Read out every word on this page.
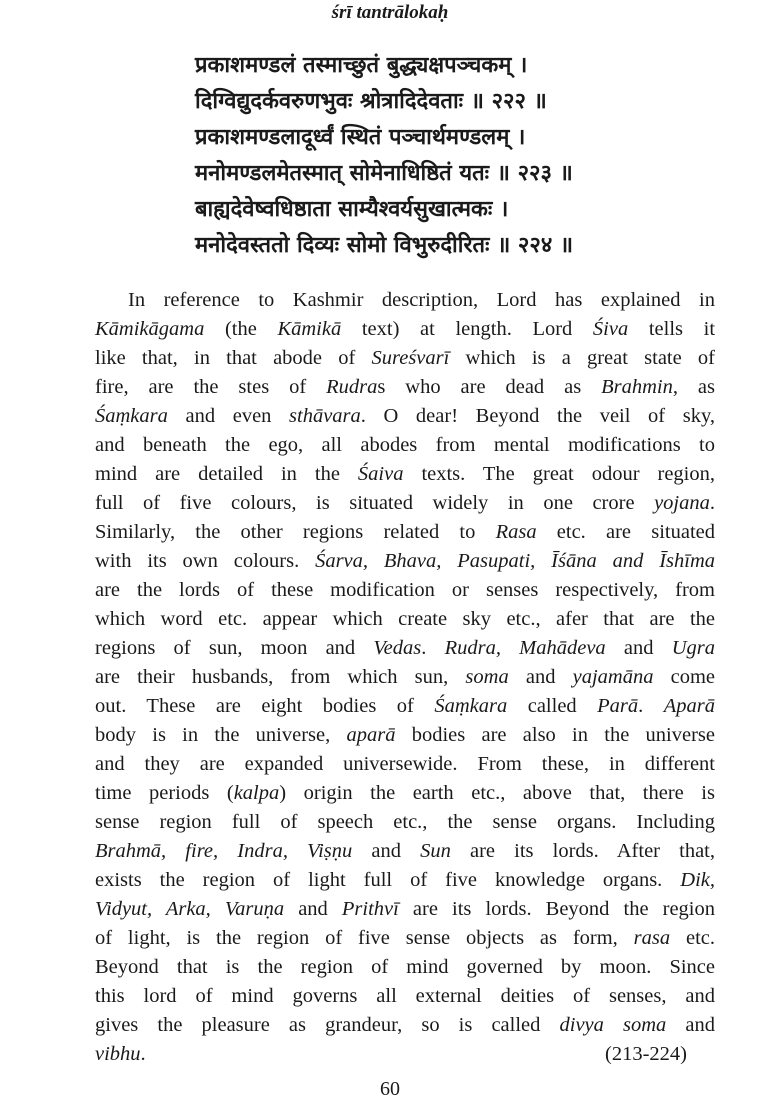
śrī tantrālokaḥ
प्रकाशमण्डलं तस्माच्छुतं बुद्ध्यक्षपञ्चकम् ।
दिग्विद्युदर्कवरुणभुवः श्रोत्रादिदेवताः ॥ २२२ ॥
प्रकाशमण्डलादूर्ध्वं स्थितं पञ्चार्थमण्डलम् ।
मनोमण्डलमेतस्मात् सोमेनाधिष्ठितं यतः ॥ २२३ ॥
बाह्यदेवेष्वधिष्ठाता साम्यैश्वर्यसुखात्मकः ।
मनोदेवस्ततो दिव्यः सोमो विभुरुदीरितः ॥ २२४ ॥
In reference to Kashmir description, Lord has explained in
Kāmikāgama (the Kāmikā text) at length. Lord Śiva tells it
like that, in that abode of Sureśvarī which is a great state of
fire, are the stes of Rudras who are dead as Brahmin, as
Śaṃkara and even sthāvara. O dear! Beyond the veil of sky,
and beneath the ego, all abodes from mental modifications to
mind are detailed in the Śaiva texts. The great odour region,
full of five colours, is situated widely in one crore yojana.
Similarly, the other regions related to Rasa etc. are situated
with its own colours. Śarva, Bhava, Pasupati, Īśāna and Īshīma
are the lords of these modification or senses respectively, from
which word etc. appear which create sky etc., afer that are the
regions of sun, moon and Vedas. Rudra, Mahādeva and Ugra
are their husbands, from which sun, soma and yajamāna come
out. These are eight bodies of Śaṃkara called Parā. Aparā
body is in the universe, aparā bodies are also in the universe
and they are expanded universewide. From these, in different
time periods (kalpa) origin the earth etc., above that, there is
sense region full of speech etc., the sense organs. Including
Brahmā, fire, Indra, Viṣṇu and Sun are its lords. After that,
exists the region of light full of five knowledge organs. Dik,
Vidyut, Arka, Varuṇa and Prithvī are its lords. Beyond the region
of light, is the region of five sense objects as form, rasa etc.
Beyond that is the region of mind governed by moon. Since
this lord of mind governs all external deities of senses, and
gives the pleasure as grandeur, so is called divya soma and
vibhu.	(213-224)
60
